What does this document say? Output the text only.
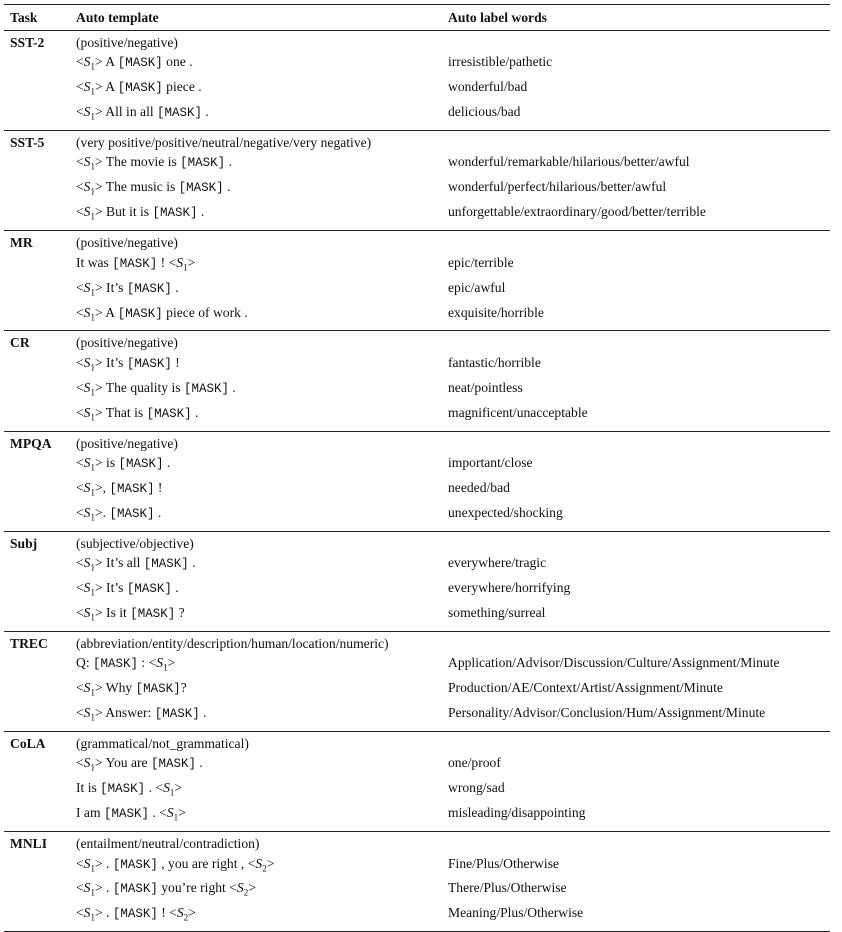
Task	Auto template	Auto label words
SST-2	(positive/negative)	
	$<S_1> A$ [MASK] one .	irresistible/pathetic
	$<S_1> A$ [MASK] piece .	wonderful/bad
	$<S_1>$ All in all [MASK] .	delicious/bad
SST-5	(very positive/positive/neutral/negative/very negative)	
	$<S_1>$ The movie is [MASK] .	wonderful/remarkable/hilarious/better/awful
	$<S_1>$ The music is [MASK] .	wonderful/perfect/hilarious/better/awful
	$<S_1>$ But it is [MASK] .	unforgettable/extraordinary/good/better/terrible
MR	(positive/negative)	
	It was [MASK] ! $<S_1>$	epic/terrible
	$<S_1>$ It’s [MASK] .	epic/awful
	$<S_1> A$ [MASK] piece of work .	exquisite/horrible
CR	(positive/negative)	
	$<S_1>$ It’s [MASK] !	fantastic/horrible
	$<S_1>$ The quality is [MASK] .	neat/pointless
	$<S_1>$ That is [MASK] .	magnificent/unacceptable
MPQA	(positive/negative)	
	$<S_1>$ is [MASK] .	important/close
	$<S_1>$, [MASK] !	needed/bad
	$<S_1>$. [MASK] .	unexpected/shocking
Subj	(subjective/objective)	
	$<S_1>$ It’s all [MASK] .	everywhere/tragic
	$<S_1>$ It’s [MASK] .	everywhere/horrifying
	$<S_1> Is$ it [MASK] ?	something/surreal
TREC	(abbreviation/entity/description/human/location/numeric)	
	Q: [MASK] : $<S_1>$	Application/Advisor/Discussion/Culture/Assignment/Minute
	$<S_1>$ Why [MASK]?	Production/AE/Context/Artist/Assignment/Minute
	$<S_1>$ Answer: [MASK] .	Personality/Advisor/Conclusion/Hum/Assignment/Minute
CoLA	(grammatical/not_grammatical)	
	$<S_1>$ You are [MASK] .	one/proof
	It is [MASK] . $<S_1>$	wrong/sad
	I am [MASK] . $<S_1>$	misleading/disappointing
MNLI	(entailment/neutral/contradiction)	
	$<S_1>$ . [MASK] , you are right , $<S_2>$	Fine/Plus/Otherwise
	$<S_1>$ . [MASK] you’re right $<S_2>$	There/Plus/Otherwise
	$<S_1>$ . [MASK] ! $<S_2>$	Meaning/Plus/Otherwise
